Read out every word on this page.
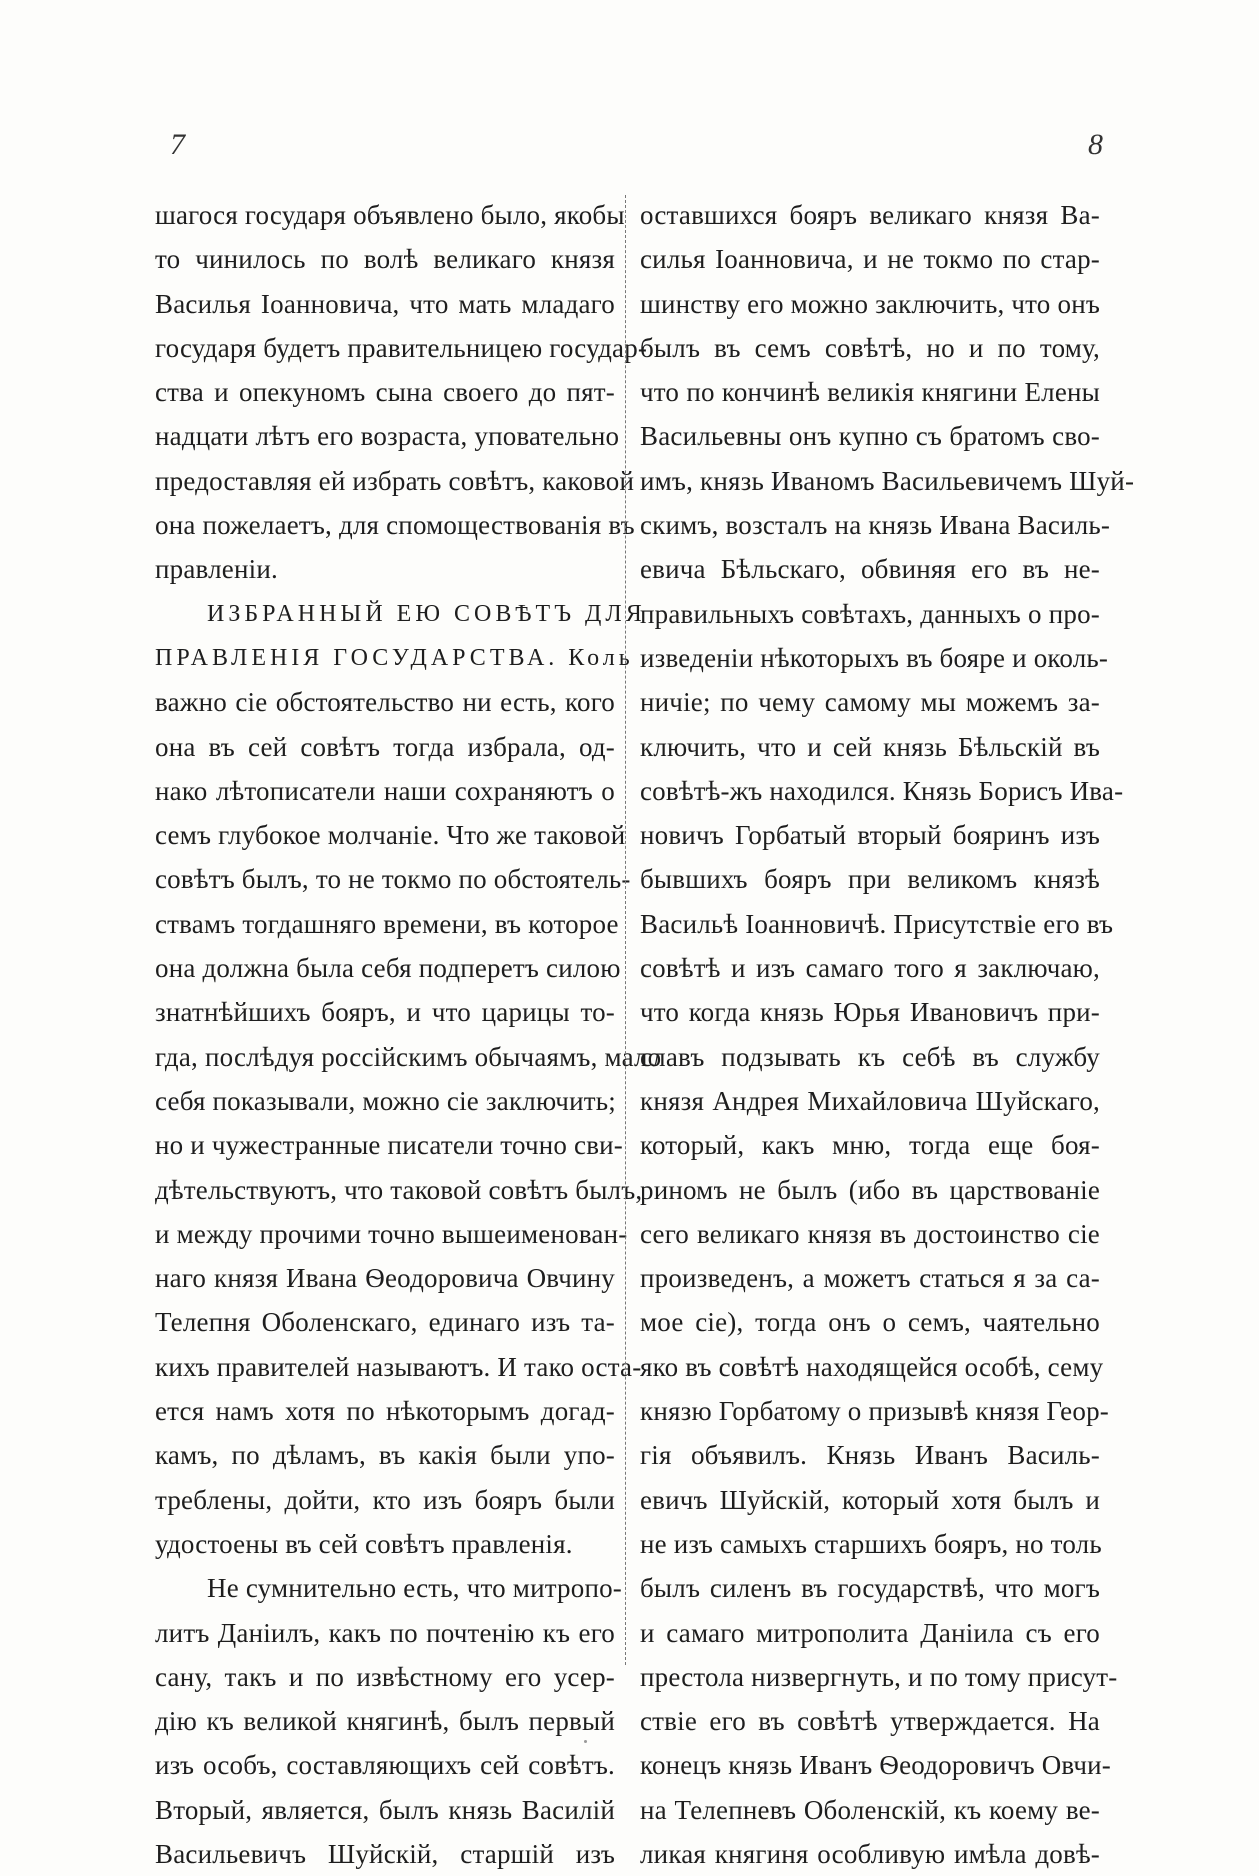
7	8
шагося государя объявлено было, якобы
то чинилось по волѣ великаго князя
Василья Іоанновича, что мать младаго
государя будетъ правительницею государ-
ства и опекуномъ сына своего до пят-
надцати лѣтъ его возраста, уповательно
предоставляя ей избрать совѣтъ, каковой
она пожелаетъ, для спомоществованія въ
правленіи.
ИЗБРАННЫЙ ЕЮ СОВѢТЪ ДЛЯ
ПРАВЛЕНІЯ ГОСУДАРСТВА. Коль
важно сіе обстоятельство ни есть, кого
она въ сей совѣтъ тогда избрала, од-
нако лѣтописатели наши сохраняютъ о
семъ глубокое молчаніе. Что же таковой
совѣтъ былъ, то не токмо по обстоятель-
ствамъ тогдашняго времени, въ которое
она должна была себя подперетъ силою
знатнѣйшихъ бояръ, и что царицы то-
гда, послѣдуя россійскимъ обычаямъ, мало
себя показывали, можно сіе заключить;
но и чужестранные писатели точно сви-
дѣтельствуютъ, что таковой совѣтъ былъ,
и между прочими точно вышеименован-
наго князя Ивана Ѳеодоровича Овчину
Телепня Оболенскаго, единаго изъ та-
кихъ правителей называютъ. И тако оста-
ется намъ хотя по нѣкоторымъ догад-
камъ, по дѣламъ, въ какія были упо-
треблены, дойти, кто изъ бояръ были
удостоены въ сей совѣтъ правленія.
Не сумнительно есть, что митропо-
литъ Даніилъ, какъ по почтенію къ его
сану, такъ и по извѣстному его усер-
дію къ великой княгинѣ, былъ первый
изъ особъ, составляющихъ сей совѣтъ.
Вторый, является, былъ князь Василій
Васильевичъ Шуйскій, старшій изъ
оставшихся бояръ великаго князя Ва-
силья Іоанновича, и не токмо по стар-
шинству его можно заключить, что онъ
былъ въ семъ совѣтѣ, но и по тому,
что по кончинѣ великія княгини Елены
Васильевны онъ купно съ братомъ сво-
имъ, князь Иваномъ Васильевичемъ Шуй-
скимъ, возсталъ на князь Ивана Василь-
евича Бѣльскаго, обвиняя его въ не-
правильныхъ совѣтахъ, данныхъ о про-
изведеніи нѣкоторыхъ въ бояре и околь-
ничіе; по чему самому мы можемъ за-
ключить, что и сей князь Бѣльскій въ
совѣтѣ-жъ находился. Князь Борисъ Ива-
новичъ Горбатый вторый бояринъ изъ
бывшихъ бояръ при великомъ князѣ
Васильѣ Іоанновичѣ. Присутствіе его въ
совѣтѣ и изъ самаго того я заключаю,
что когда князь Юрья Ивановичъ при-
славъ подзывать къ себѣ въ службу
князя Андрея Михайловича Шуйскаго,
который, какъ мню, тогда еще боя-
риномъ не былъ (ибо въ царствованіе
сего великаго князя въ достоинство сіе
произведенъ, а можетъ статься я за са-
мое сіе), тогда онъ о семъ, чаятельно
яко въ совѣтѣ находящейся особѣ, сему
князю Горбатому о призывѣ князя Геор-
гія объявилъ. Князь Иванъ Василь-
евичъ Шуйскій, который хотя былъ и
не изъ самыхъ старшихъ бояръ, но толь
былъ силенъ въ государствѣ, что могъ
и самаго митрополита Даніила съ его
престола низвергнуть, и по тому присут-
ствіе его въ совѣтѣ утверждается. На
конецъ князь Иванъ Ѳеодоровичъ Овчи-
на Телепневъ Оболенскій, къ коему ве-
ликая княгиня особливую имѣла довѣ-
